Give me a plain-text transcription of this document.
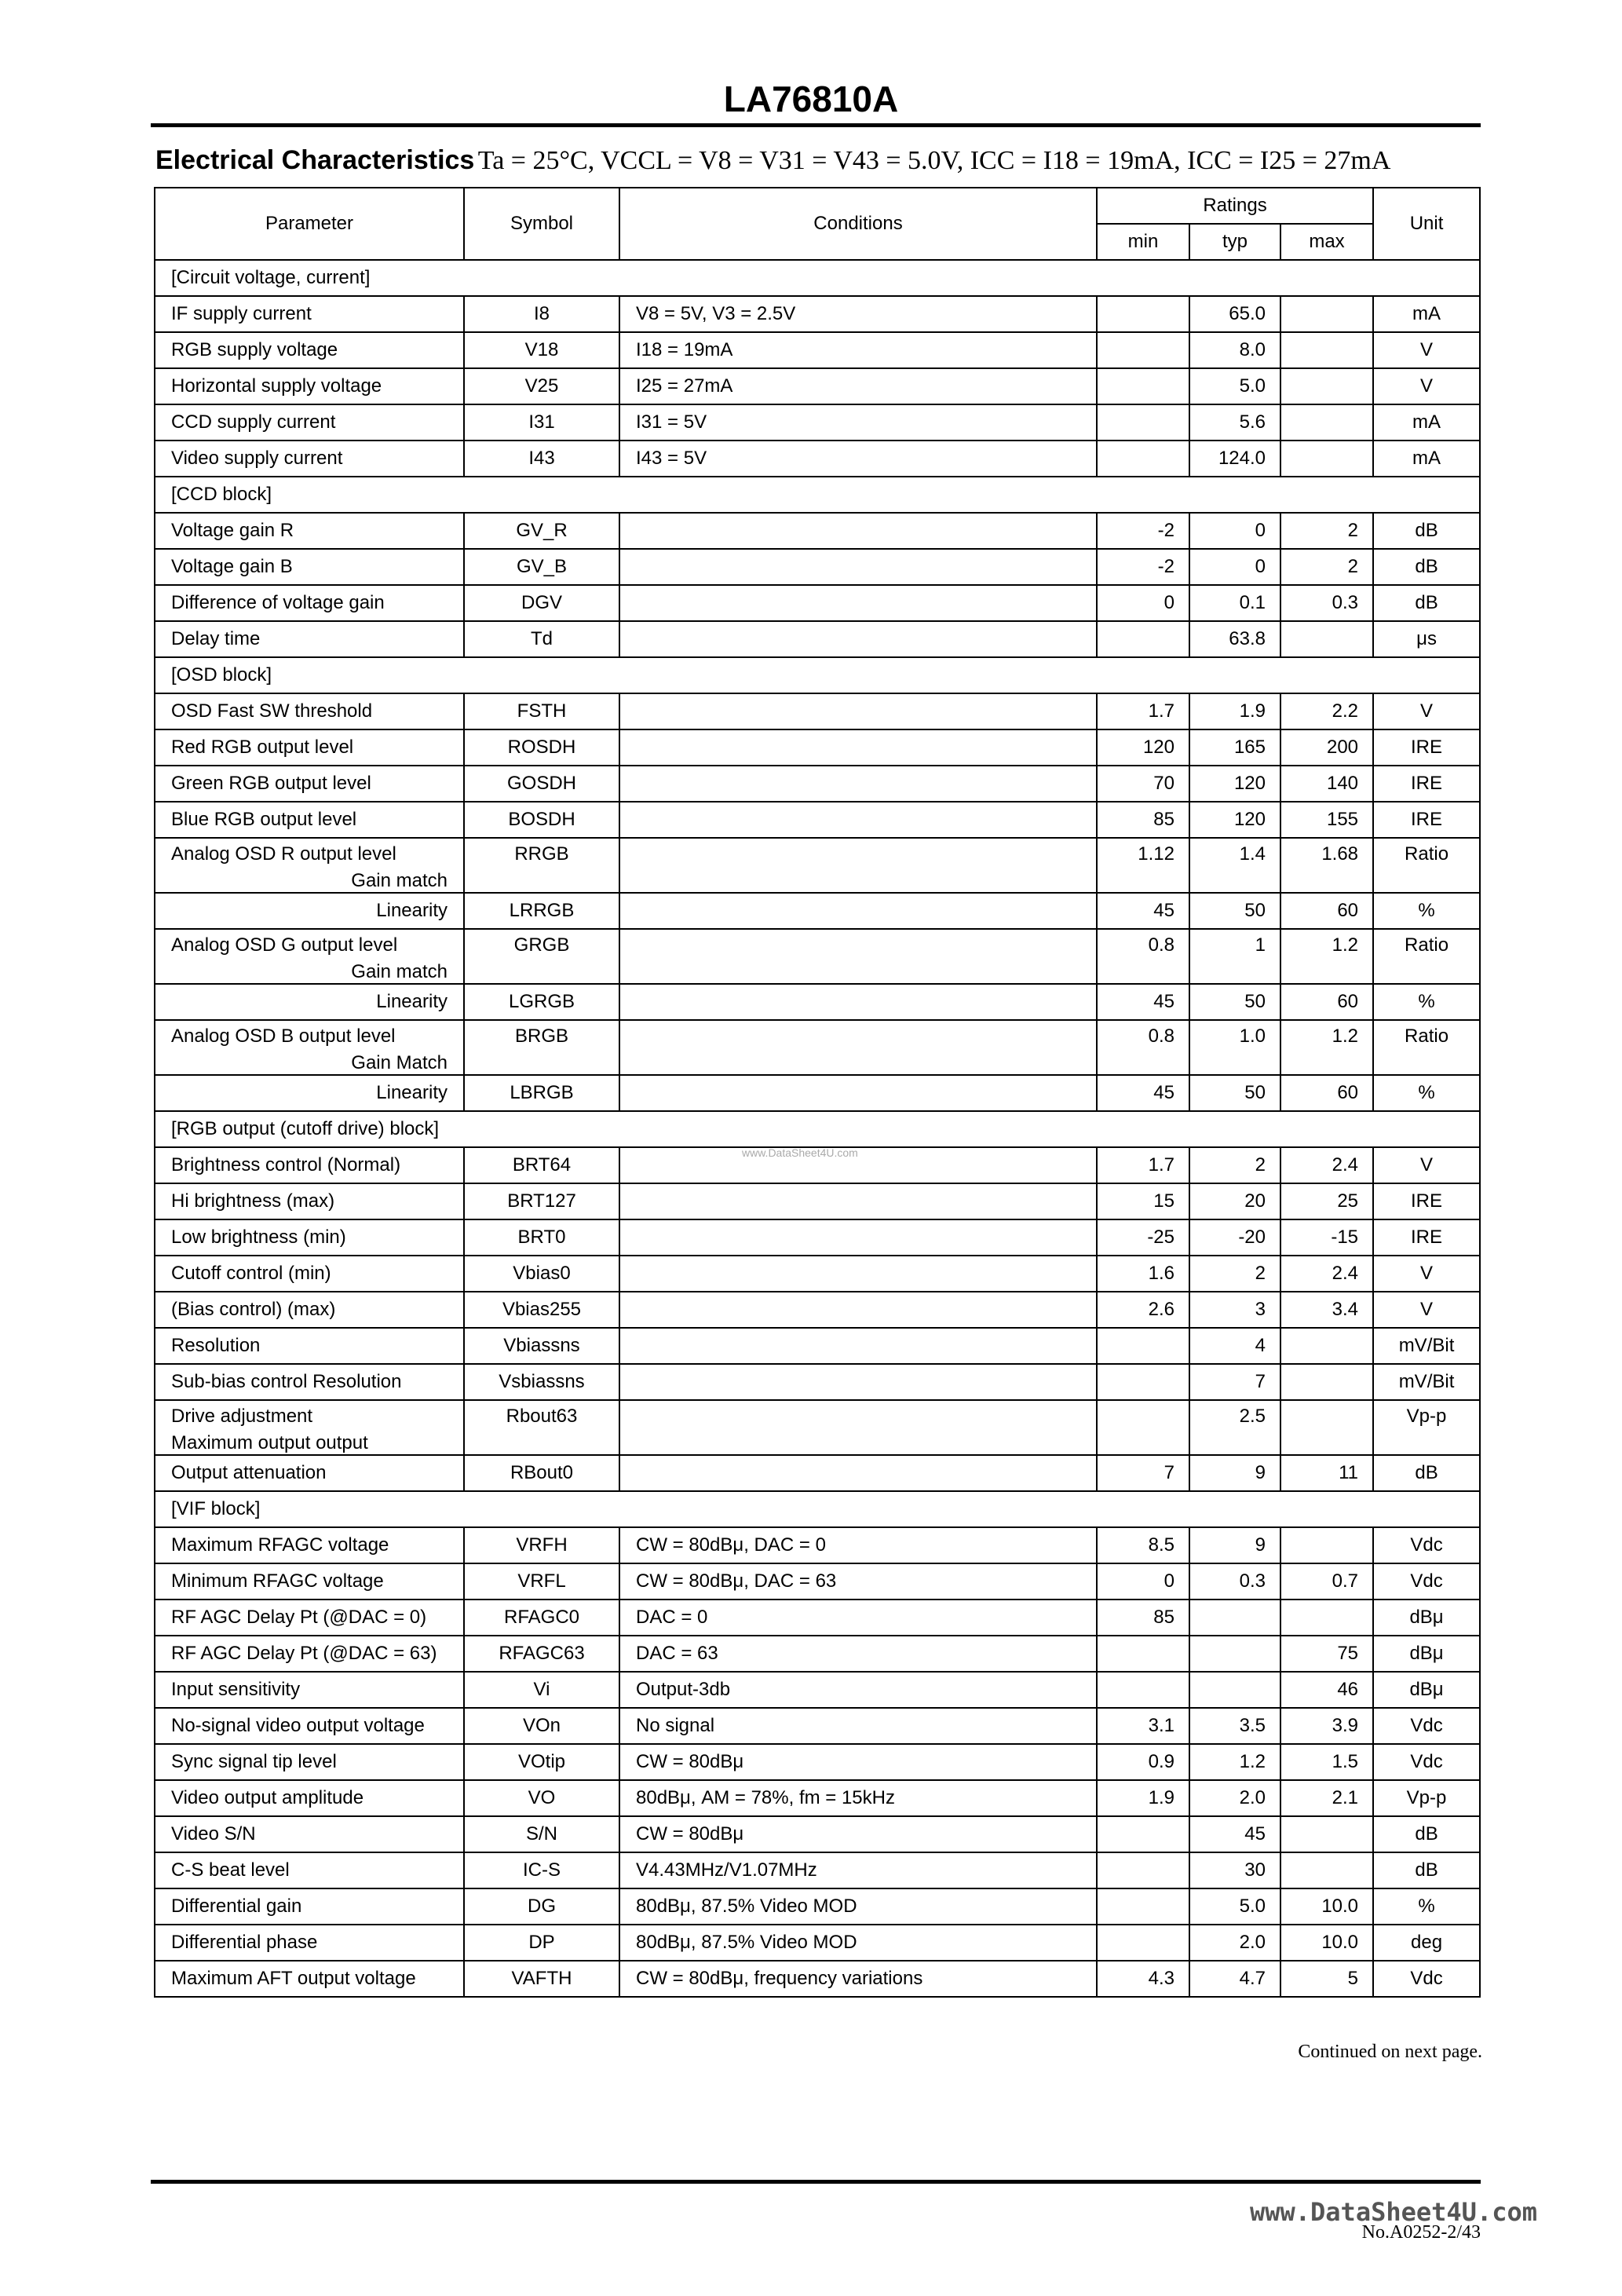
LA76810A
Electrical Characteristics Ta = 25°C, VCCL = V8 = V31 = V43 = 5.0V, ICC = I18 = 19mA, ICC = I25 = 27mA
Parameter	Symbol	Conditions	Ratings			Unit
			min	typ	max	
[Circuit voltage, current]						
IF supply current	I8	V8 = 5V, V3 = 2.5V		65.0		mA
RGB supply voltage	V18	I18 = 19mA		8.0		V
Horizontal supply voltage	V25	I25 = 27mA		5.0		V
CCD supply current	I31	I31 = 5V		5.6		mA
Video supply current	I43	I43 = 5V		124.0		mA
[CCD block]						
Voltage gain R	GV_R		-2	0	2	dB
Voltage gain B	GV_B		-2	0	2	dB
Difference of voltage gain	DGV		0	0.1	0.3	dB
Delay time	Td			63.8		μs
[OSD block]						
OSD Fast SW threshold	FSTH		1.7	1.9	2.2	V
Red RGB output level	ROSDH		120	165	200	IRE
Green RGB output level	GOSDH		70	120	140	IRE
Blue RGB output level	BOSDH		85	120	155	IRE
Analog OSD R output level
Gain match	RRGB		1.12	1.4	1.68	Ratio
Linearity	LRRGB		45	50	60	%
Analog OSD G output level
Gain match	GRGB		0.8	1	1.2	Ratio
Linearity	LGRGB		45	50	60	%
Analog OSD B output level
Gain Match	BRGB		0.8	1.0	1.2	Ratio
Linearity	LBRGB		45	50	60	%
[RGB output (cutoff drive) block]						
Brightness control (Normal)	BRT64		1.7	2	2.4	V
Hi brightness (max)	BRT127		15	20	25	IRE
Low brightness (min)	BRT0		-25	-20	-15	IRE
Cutoff control (min)	Vbias0		1.6	2	2.4	V
(Bias control) (max)	Vbias255		2.6	3	3.4	V
Resolution	Vbiassns			4		mV/Bit
Sub-bias control Resolution	Vsbiassns			7		mV/Bit
Drive adjustment
Maximum output output	Rbout63			2.5		Vp-p
Output attenuation	RBout0		7	9	11	dB
[VIF block]						
Maximum RFAGC voltage	VRFH	CW = 80dBμ, DAC = 0	8.5	9		Vdc
Minimum RFAGC voltage	VRFL	CW = 80dBμ, DAC = 63	0	0.3	0.7	Vdc
RF AGC Delay Pt (@DAC = 0)	RFAGC0	DAC = 0	85			dBμ
RF AGC Delay Pt (@DAC = 63)	RFAGC63	DAC = 63			75	dBμ
Input sensitivity	Vi	Output-3db			46	dBμ
No-signal video output voltage	VOn	No signal	3.1	3.5	3.9	Vdc
Sync signal tip level	VOtip	CW = 80dBμ	0.9	1.2	1.5	Vdc
Video output amplitude	VO	80dBμ, AM = 78%, fm = 15kHz	1.9	2.0	2.1	Vp-p
Video S/N	S/N	CW = 80dBμ		45		dB
C-S beat level	IC-S	V4.43MHz/V1.07MHz		30		dB
Differential gain	DG	80dBμ, 87.5% Video MOD		5.0	10.0	%
Differential phase	DP	80dBμ, 87.5% Video MOD		2.0	10.0	deg
Maximum AFT output voltage	VAFTH	CW = 80dBμ, frequency variations	4.3	4.7	5	Vdc
www.DataSheet4U.com
Continued on next page.
www.DataSheet4U.com
No.A0252-2/43
